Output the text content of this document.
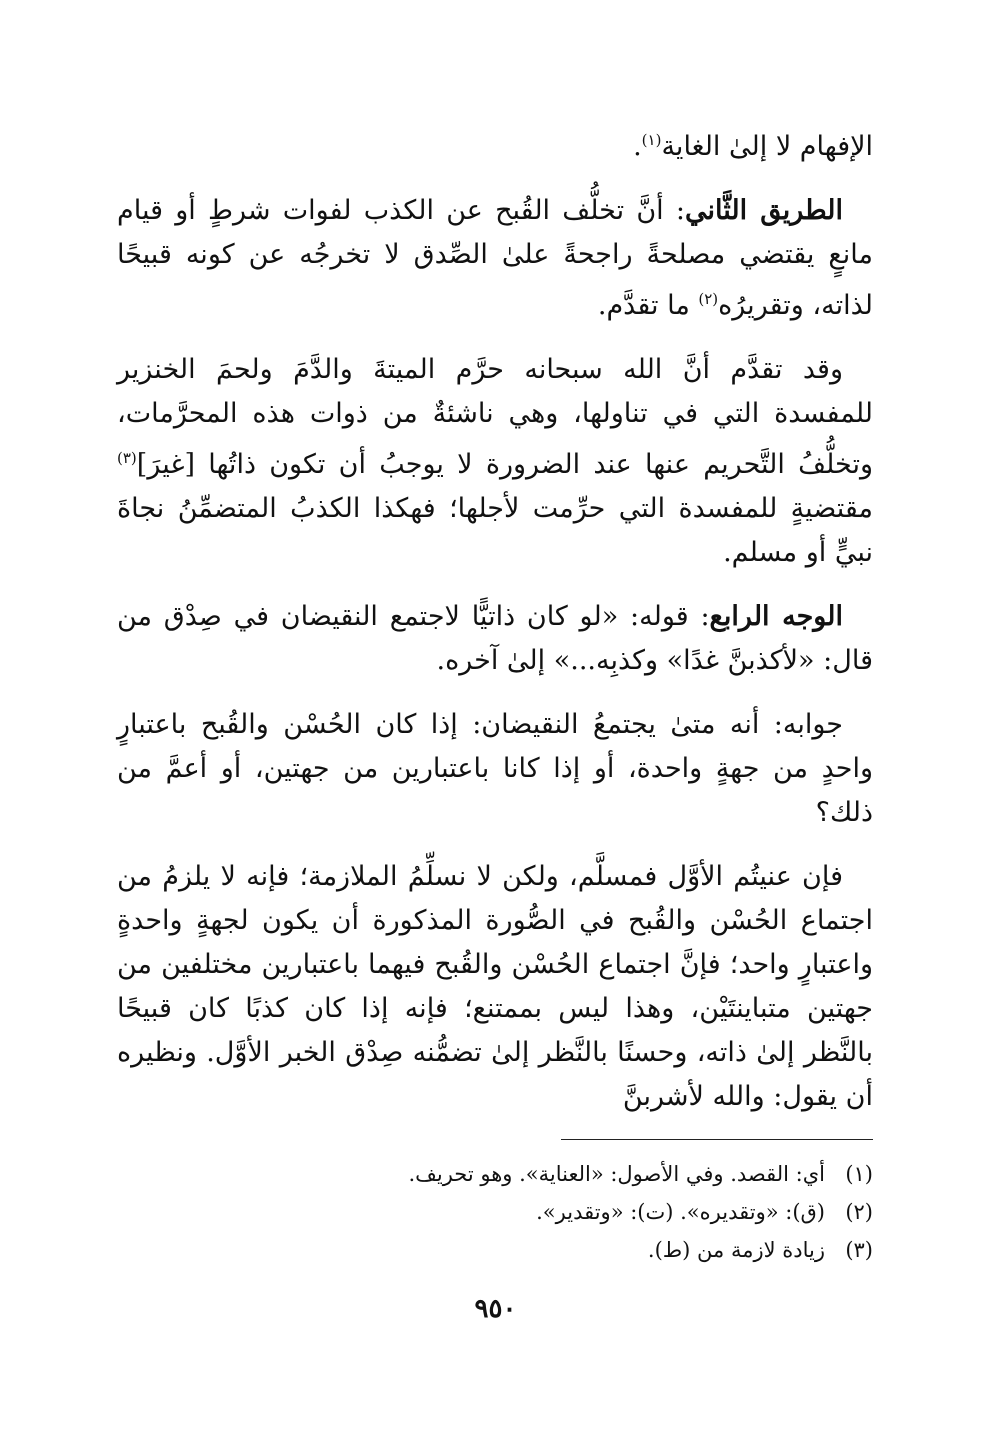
الإفهام لا إلىٰ الغاية$^{(١)}$.

الطريق الثَّاني: أنَّ تخلُّف القُبح عن الكذب لفوات شرطٍ أو قيام مانعٍ يقتضي مصلحةً راجحةً علىٰ الصِّدق لا تخرجُه عن كونه قبيحًا لذاته، وتقريرُه$^{(٢)}$ ما تقدَّم.

وقد تقدَّم أنَّ الله سبحانه حرَّم الميتةَ والدَّمَ ولحمَ الخنزير للمفسدة التي في تناولها، وهي ناشئةٌ من ذوات هذه المحرَّمات، وتخلُّفُ التَّحريم عنها عند الضرورة لا يوجبُ أن تكون ذاتُها [غيرَ]$^{(٣)}$ مقتضيةٍ للمفسدة التي حرِّمت لأجلها؛ فهكذا الكذبُ المتضمِّنُ نجاةَ نبيٍّ أو مسلم.

الوجه الرابع: قوله: «لو كان ذاتيًّا لاجتمع النقيضان في صِدْق من قال: «لأكذبنَّ غدًا» وكذبِه...» إلىٰ آخره.

جوابه: أنه متىٰ يجتمعُ النقيضان: إذا كان الحُسْن والقُبح باعتبارٍ واحدٍ من جهةٍ واحدة، أو إذا كانا باعتبارين من جهتين، أو أعمَّ من ذلك؟

فإن عنيتُم الأوَّل فمسلَّم، ولكن لا نسلِّمُ الملازمة؛ فإنه لا يلزمُ من اجتماع الحُسْن والقُبح في الصُّورة المذكورة أن يكون لجهةٍ واحدةٍ واعتبارٍ واحد؛ فإنَّ اجتماع الحُسْن والقُبح فيهما باعتبارين مختلفين من جهتين متباينتَيْن، وهذا ليس بممتنع؛ فإنه إذا كان كذبًا كان قبيحًا بالنَّظر إلىٰ ذاته، وحسنًا بالنَّظر إلىٰ تضمُّنه صِدْق الخبر الأوَّل. ونظيره أن يقول: والله لأشربنَّ

(١)أي: القصد. وفي الأصول: «العناية». وهو تحريف.

(٢)(ق): «وتقديره». (ت): «وتقدير».

(٣)زيادة لازمة من (ط).

٩٥٠
